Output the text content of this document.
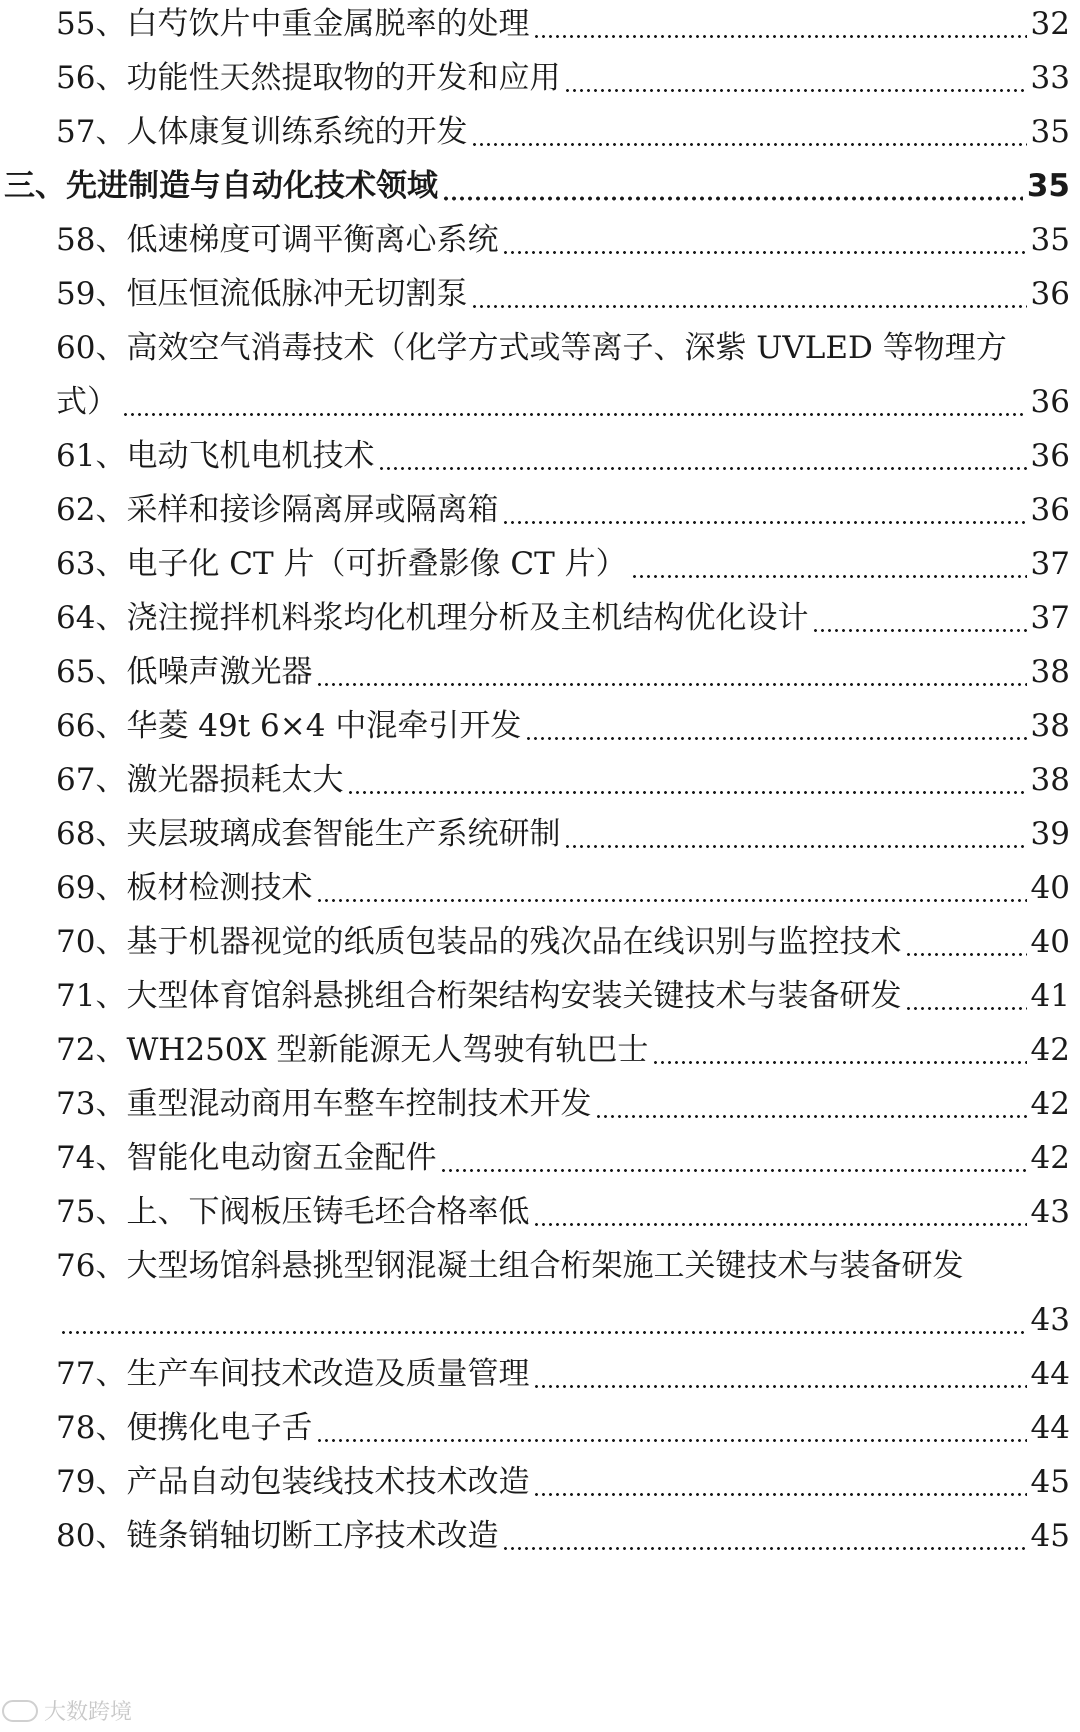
55、白芍饮片中重金属脱率的处理	32
56、功能性天然提取物的开发和应用	33
57、人体康复训练系统的开发	35
三、先进制造与自动化技术领域	35
58、低速梯度可调平衡离心系统	35
59、恒压恒流低脉冲无切割泵	36
60、高效空气消毒技术（化学方式或等离子、深紫 UVLED 等物理方
式）	36
61、电动飞机电机技术	36
62、采样和接诊隔离屏或隔离箱	36
63、电子化 CT 片（可折叠影像 CT 片）	37
64、浇注搅拌机料浆均化机理分析及主机结构优化设计	37
65、低噪声激光器	38
66、华菱 49t 6×4 中混牵引开发	38
67、激光器损耗太大	38
68、夹层玻璃成套智能生产系统研制	39
69、板材检测技术	40
70、基于机器视觉的纸质包装品的残次品在线识别与监控技术	40
71、大型体育馆斜悬挑组合桁架结构安装关键技术与装备研发	41
72、WH250X 型新能源无人驾驶有轨巴士	42
73、重型混动商用车整车控制技术开发	42
74、智能化电动窗五金配件	42
75、上、下阀板压铸毛坯合格率低	43
76、大型场馆斜悬挑型钢混凝土组合桁架施工关键技术与装备研发
43
77、生产车间技术改造及质量管理	44
78、便携化电子舌	44
79、产品自动包装线技术技术改造	45
80、链条销轴切断工序技术改造	45
大数跨境
